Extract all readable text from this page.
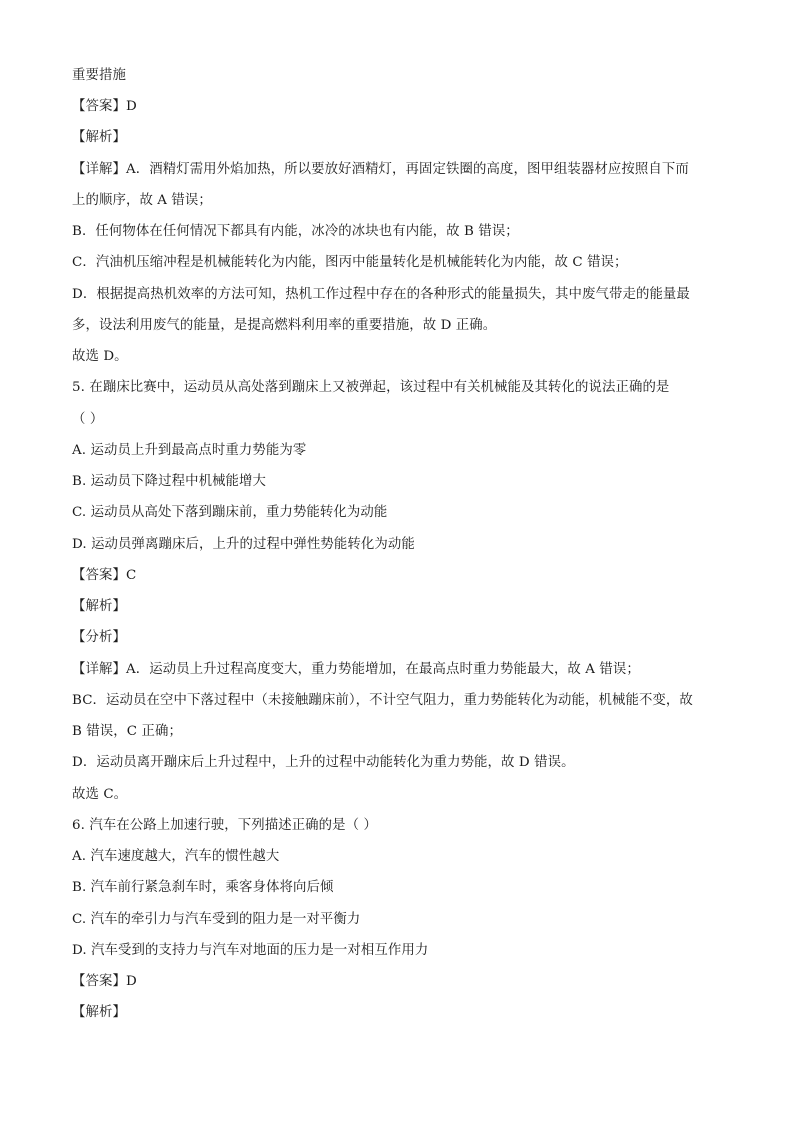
重要措施
【答案】D
【解析】
【详解】A．酒精灯需用外焰加热，所以要放好酒精灯，再固定铁圈的高度，图甲组装器材应按照自下而
上的顺序，故 A 错误；
B．任何物体在任何情况下都具有内能，冰冷的冰块也有内能，故 B 错误；
C．汽油机压缩冲程是机械能转化为内能，图丙中能量转化是机械能转化为内能，故 C 错误；
D．根据提高热机效率的方法可知，热机工作过程中存在的各种形式的能量损失，其中废气带走的能量最
多，设法利用废气的能量，是提高燃料利用率的重要措施，故 D 正确。
故选 D。
5. 在蹦床比赛中，运动员从高处落到蹦床上又被弹起，该过程中有关机械能及其转化的说法正确的是
（ ）
A. 运动员上升到最高点时重力势能为零
B. 运动员下降过程中机械能增大
C. 运动员从高处下落到蹦床前，重力势能转化为动能
D. 运动员弹离蹦床后，上升的过程中弹性势能转化为动能
【答案】C
【解析】
【分析】
【详解】A．运动员上升过程高度变大，重力势能增加，在最高点时重力势能最大，故 A 错误；
BC．运动员在空中下落过程中（未接触蹦床前），不计空气阻力，重力势能转化为动能，机械能不变，故
B 错误，C 正确；
D．运动员离开蹦床后上升过程中，上升的过程中动能转化为重力势能，故 D 错误。
故选 C。
6. 汽车在公路上加速行驶，下列描述正确的是（ ）
A. 汽车速度越大，汽车的惯性越大
B. 汽车前行紧急刹车时，乘客身体将向后倾
C. 汽车的牵引力与汽车受到的阻力是一对平衡力
D. 汽车受到的支持力与汽车对地面的压力是一对相互作用力
【答案】D
【解析】
